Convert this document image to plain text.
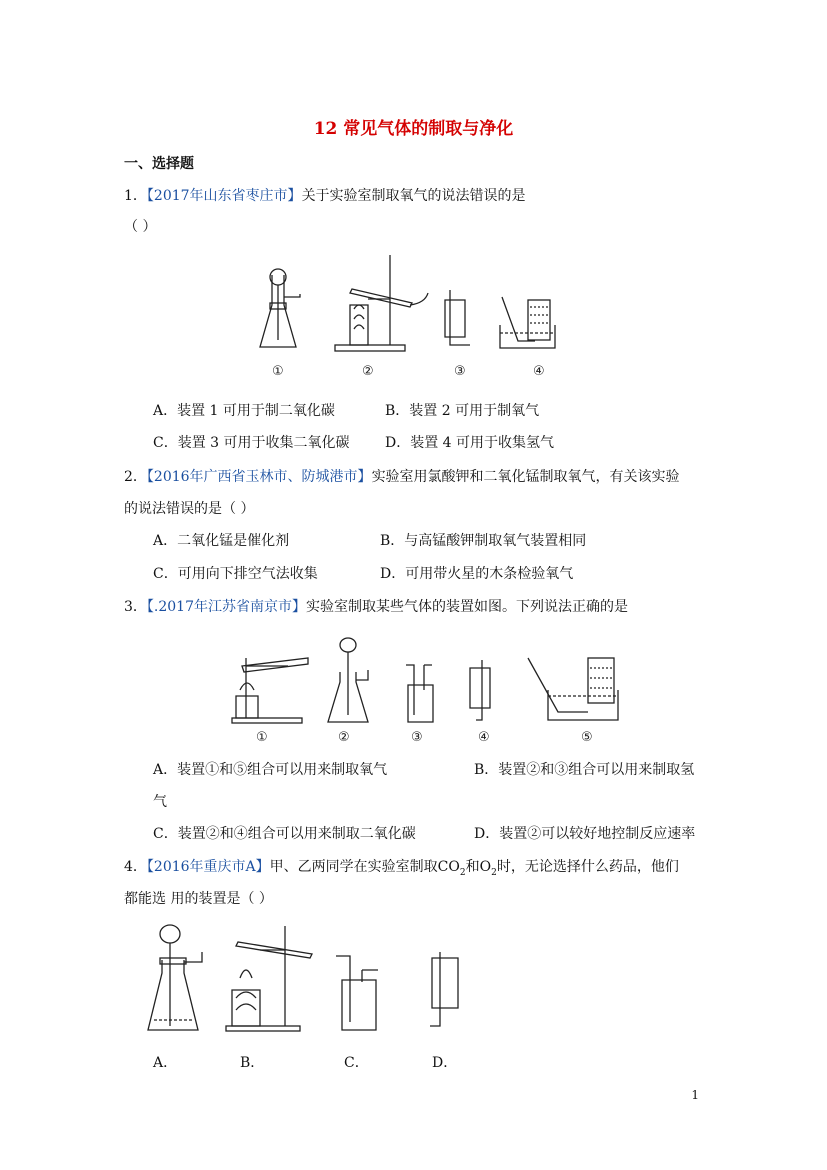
12 常见气体的制取与净化
一、选择题
1．【2017年山东省枣庄市】关于实验室制取氧气的说法错误的是
（ ）
①	②	③	④
A．装置 1 可用于制二氧化碳	B．装置 2 可用于制氧气
C．装置 3 可用于收集二氧化碳	D．装置 4 可用于收集氢气
2．【2016年广西省玉林市、防城港市】实验室用氯酸钾和二氧化锰制取氧气，有关该实验
的说法错误的是（ ）
A．二氧化锰是催化剂	B．与高锰酸钾制取氧气装置相同
C．可用向下排空气法收集	D．可用带火星的木条检验氧气
3．【.2017年江苏省南京市】实验室制取某些气体的装置如图。下列说法正确的是
①	②	③	④	⑤
A．装置①和⑤组合可以用来制取氧气	B．装置②和③组合可以用来制取氢
气
C．装置②和④组合可以用来制取二氧化碳	D．装置②可以较好地控制反应速率
4．【2016年重庆市A】甲、乙两同学在实验室制取$CO_2$和$O_2$时，无论选择什么药品，他们
都能选 用的装置是（ ）
A．	B．	C．	D．
1
